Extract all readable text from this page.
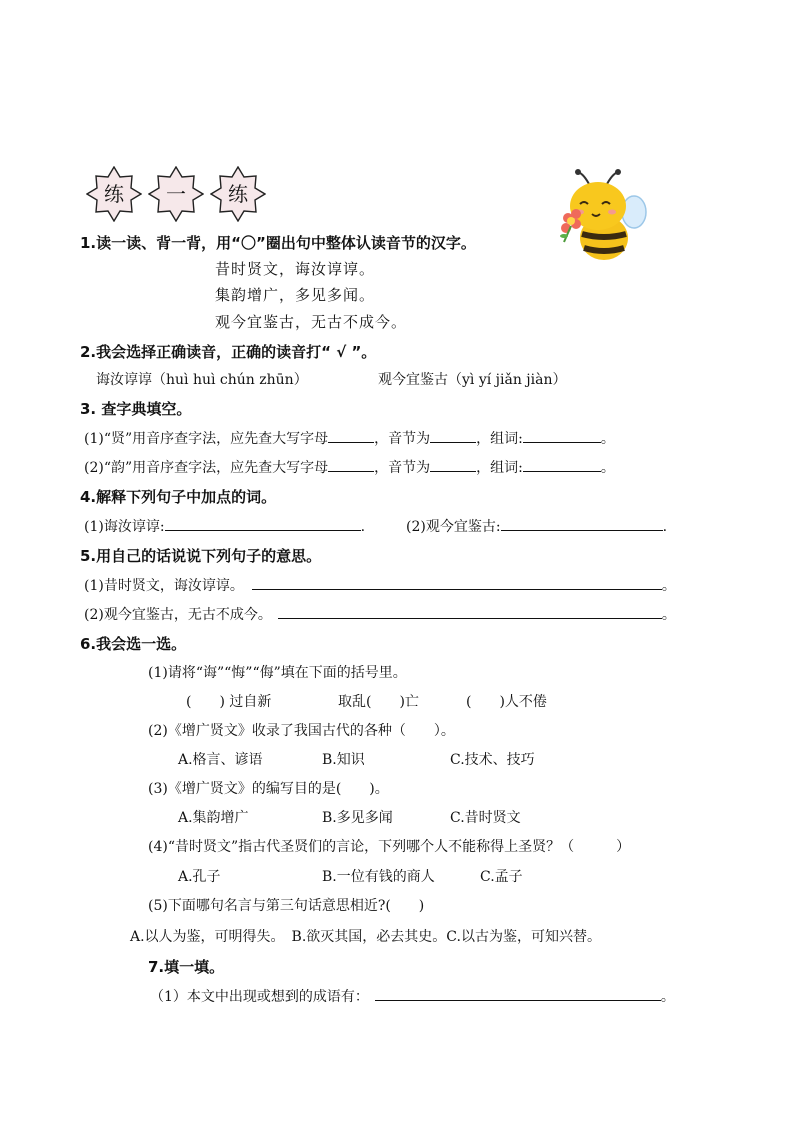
练	一	练
1.读一读、背一背，用“〇”圈出句中整体认读音节的汉字。
昔时贤文，诲汝谆谆。
集韵增广，多见多闻。
观今宜鉴古，无古不成今。
2.我会选择正确读音，正确的读音打“ √ ”。
诲汝谆谆（huì huì chún zhūn）	观今宜鉴古（yì yí jiǎn jiàn）
3. 查字典填空。
(1)“贤”用音序查字法，应先查大写字母	，音节为	，组词:	。
(2)“韵”用音序查字法，应先查大写字母	，音节为	，组词:	。
4.解释下列句子中加点的词。
(1)诲汝谆谆:	.	(2)观今宜鉴古:	.
5.用自己的话说说下列句子的意思。
(1)昔时贤文，诲汝谆谆。	。
(2)观今宜鉴古，无古不成今。	。
6.我会选一选。
(1)请将“诲”“悔”“侮”填在下面的括号里。
(　　) 过自新	取乱(　　)亡	(　　)人不倦
(2)《增广贤文》收录了我国古代的各种（　　）。
A.格言、谚语	B.知识	C.技术、技巧
(3)《增广贤文》的编写目的是(　　)。
A.集韵增广	B.多见多闻	C.昔时贤文
(4)“昔时贤文”指古代圣贤们的言论，下列哪个人不能称得上圣贤？（　　　）
A.孔子	B.一位有钱的商人	C.孟子
(5)下面哪句名言与第三句话意思相近?(　　)
A.以人为鉴，可明得失。　B.欲灭其国，必去其史。C.以古为鉴，可知兴替。
7.填一填。
（1）本文中出现或想到的成语有：	。
